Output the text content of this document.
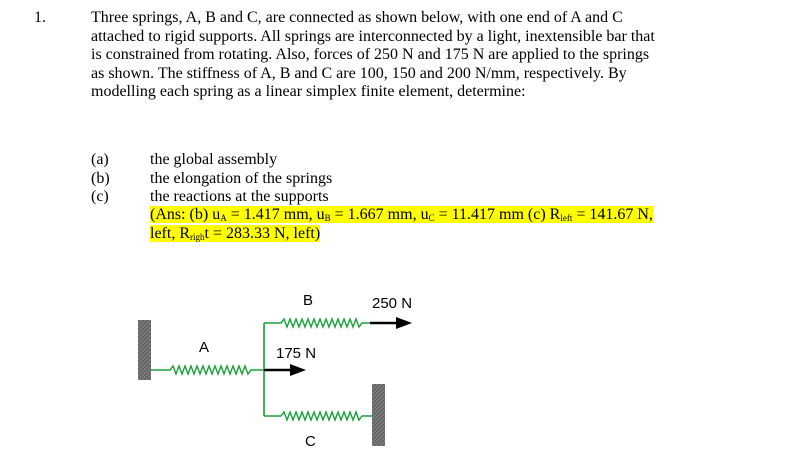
1.	Three springs, A, B and C, are connected as shown below, with one end of A and C
attached to rigid supports. All springs are interconnected by a light, inextensible bar that
is constrained from rotating. Also, forces of 250 N and 175 N are applied to the springs
as shown. The stiffness of A, B and C are 100, 150 and 200 N/mm, respectively. By
modelling each spring as a linear simplex finite element, determine:
(a)	the global assembly
(b)	the elongation of the springs
(c)	the reactions at the supports
(Ans: (b) $u_A = 1.417$ mm, $u_B = 1.667$ mm, $u_C = 11.417$ mm (c) $R_{left} = 141.67$ N,
left, $R_{righ}t = 283.33$ N, left)
A
B
C
250 N
175 N
